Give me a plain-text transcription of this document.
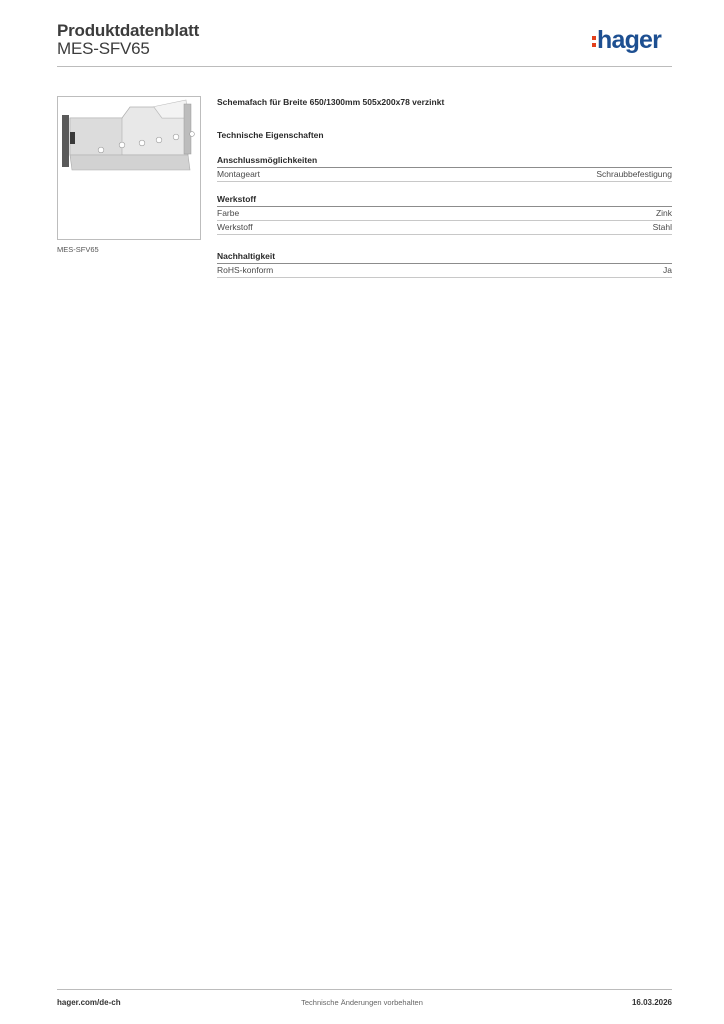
Produktdatenblatt
MES-SFV65	hager
MES-SFV65
Schemafach für Breite 650/1300mm 505x200x78 verzinkt
Technische Eigenschaften
Anschlussmöglichkeiten
Montageart	Schraubbefestigung
Werkstoff
Farbe	Zink
Werkstoff	Stahl
Nachhaltigkeit
RoHS-konform	Ja
hager.com/de-ch	Technische Änderungen vorbehalten	16.03.2026
